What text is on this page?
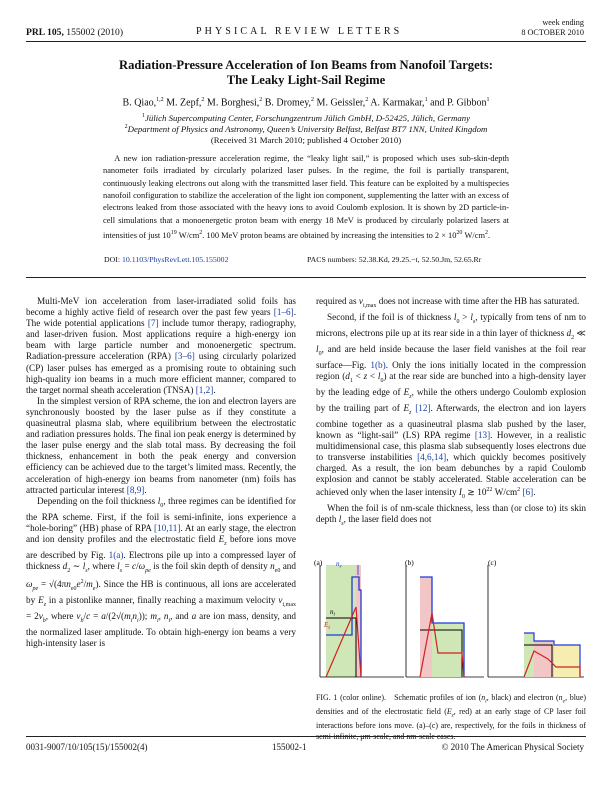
PRL 105, 155002 (2010)	PHYSICAL REVIEW LETTERS
week ending
8 OCTOBER 2010
Radiation-Pressure Acceleration of Ion Beams from Nanofoil Targets:
The Leaky Light-Sail Regime
B. Qiao,$^{1,2}$ M. Zepf,$^2$ M. Borghesi,$^2$ B. Dromey,$^2$ M. Geissler,$^2$ A. Karmakar,$^1$ and P. Gibbon$^1$
$^1$Jülich Supercomputing Center, Forschungzentrum Jülich GmbH, D-52425, Jülich, Germany
$^2$Department of Physics and Astronomy, Queen’s University Belfast, Belfast BT7 1NN, United Kingdom
(Received 31 March 2010; published 4 October 2010)
A new ion radiation-pressure acceleration regime, the “leaky light sail,” is proposed which uses sub-skin-depth nanometer foils irradiated by circularly polarized laser pulses. In the regime, the foil is partially transparent, continuously leaking electrons out along with the transmitted laser field. This feature can be exploited by a multispecies nanofoil configuration to stabilize the acceleration of the light ion component, supplementing the latter with an excess of electrons leaked from those associated with the heavy ions to avoid Coulomb explosion. It is shown by 2D particle-in-cell simulations that a monoenergetic proton beam with energy 18 MeV is produced by circularly polarized lasers at intensities of just $10^{19}$ $W/cm^2$. 100 MeV proton beams are obtained by increasing the intensities to $2 \times 10^{20}$ $W/cm^2$.
DOI: 10.1103/PhysRevLett.105.155002	PACS numbers: 52.38.Kd, 29.25.−t, 52.50.Jm, 52.65.Rr

Multi-MeV ion acceleration from laser-irradiated solid foils has become a highly active field of research over the past few years [1–6]. The wide potential applications [7] include tumor therapy, radiography, and laser-driven fusion. Most applications require a high-energy ion beam with large particle number and monoenergetic spectrum. Radiation-pressure acceleration (RPA) [3–6] using circularly polarized (CP) laser pulses has emerged as a promising route to obtaining such high-quality ion beams in a much more efficient manner, compared to the target normal sheath acceleration (TNSA) [1,2].

In the simplest version of RPA scheme, the ion and electron layers are synchronously boosted by the laser pulse as if they constitute a quasineutral plasma slab, where equilibrium between the electrostatic and radiation pressures holds. The final ion peak energy is determined by the laser pulse energy and the slab total mass. By decreasing the foil thickness, enhancement in both the peak energy and conversion efficiency can be achieved due to the target’s limited mass. Recently, the acceleration of high-energy ion beams from nanometer (nm) foils has attracted particular interest [8,9].

Depending on the foil thickness $l_0$, three regimes can be identified for the RPA scheme. First, if the foil is semi-infinite, ions experience a “hole-boring” (HB) phase of RPA [10,11]. At an early stage, the electron and ion density profiles and the electrostatic field $E_z$ before ions move are described by Fig. 1(a). Electrons pile up into a compressed layer of thickness $d_2$ ∼ $l_s$, where $l_s = c/\omega_{pe}$ is the foil skin depth of density $n_{e0}$ and $\omega_{pe} = √(4\pi n_{e0}e^2/m_e)$. Since the HB is continuous, all ions are accelerated by $E_z$ in a pistonlike manner, finally reaching a maximum velocity $v_{i,max} = 2v_b$, where $v_b/c = a/(2√(m_in_i))$; $m_i$, $n_i$, and a are ion mass, density, and the normalized laser amplitude. To obtain high-energy ion beams a very high-intensity laser is

required as $v_{i,max}$ does not increase with time after the HB has saturated.

Second, if the foil is of thickness $l_0 > l_s$, typically from tens of nm to microns, electrons pile up at its rear side in a thin layer of thickness $d_2$ ≪ $l_0$, and are held inside because the laser field vanishes at the foil rear surface—Fig. 1(b). Only the ions initially located in the compression region $(d_1 < z < l_0)$ at the rear side are bunched into a high-density layer by the leading edge of $E_z$, while the others undergo Coulomb explosion by the trailing part of $E_z$ [12]. Afterwards, the electron and ion layers combine together as a quasineutral plasma slab pushed by the laser, known as “light-sail” (LS) RPA regime [13]. However, in a realistic multidimensional case, this plasma slab subsequently loses electrons due to transverse instabilities [4,6,14], which quickly becomes positively charged. As a result, the ion beam debunches by a rapid Coulomb explosion and cannot be stably accelerated. Stable acceleration can be achieved only when the laser intensity $I_0$ ≳ $10^{22}$ $W/cm^2$ [6].

When the foil is of nm-scale thickness, less than (or close to) its skin depth $l_s$, the laser field does not

(a) $n_e$
$n_i$
$E_z$
(b)	(c)
FIG. 1 (color online).   Schematic profiles of ion ($n_i$, black) and electron ($n_e$, blue) densities and of the electrostatic field ($E_z$, red) at an early stage of CP laser foil interactions before ions move. (a)–(c) are, respectively, for the foils in thickness of semi-infinite, μm-scale, and nm-scale cases.
0031-9007/10/105(15)/155002(4)	155002-1	© 2010 The American Physical Society
